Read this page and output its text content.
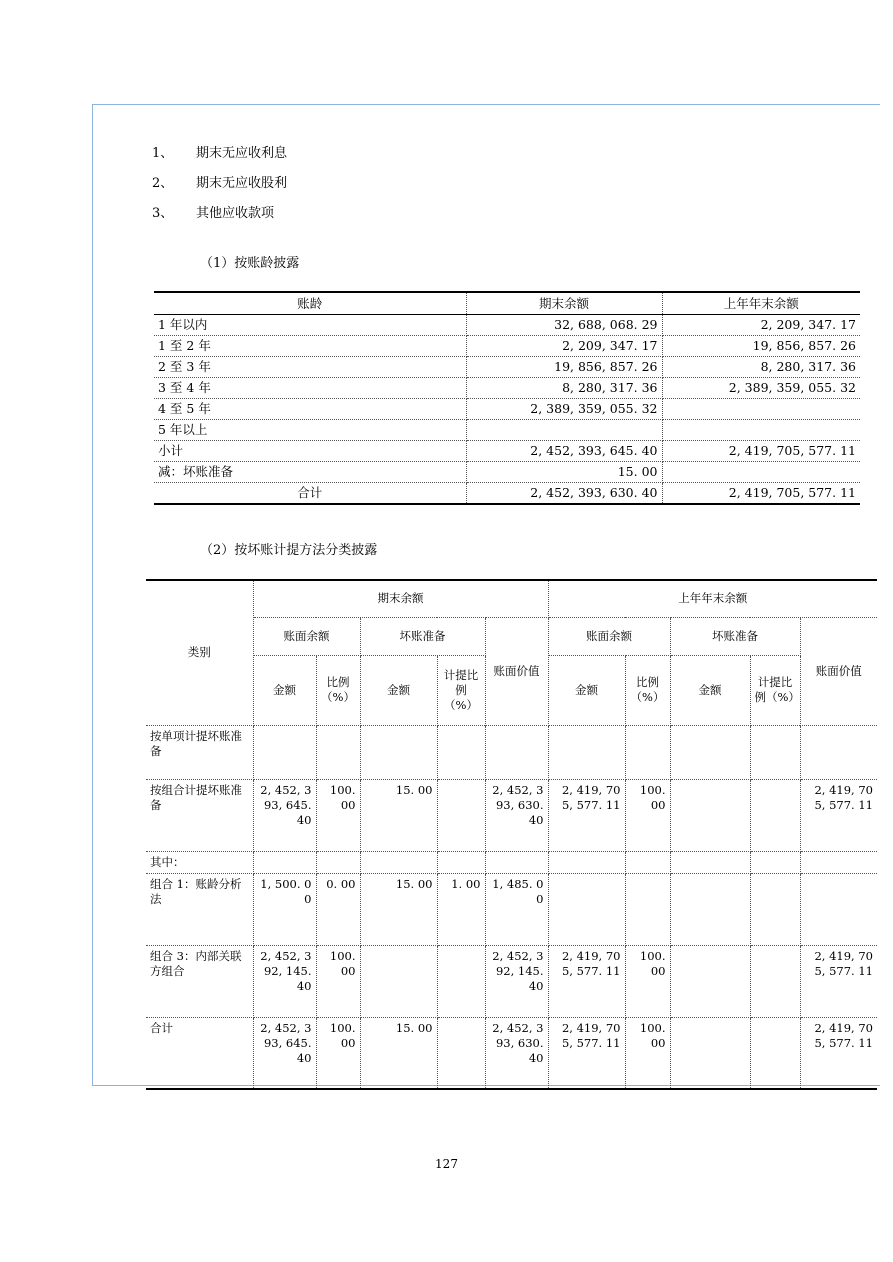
1、 期末无应收利息
2、 期末无应收股利
3、 其他应收款项
（1）按账龄披露
账龄	期末余额	上年年末余额
1 年以内	32, 688, 068. 29	2, 209, 347. 17
1 至 2 年	2, 209, 347. 17	19, 856, 857. 26
2 至 3 年	19, 856, 857. 26	8, 280, 317. 36
3 至 4 年	8, 280, 317. 36	2, 389, 359, 055. 32
4 至 5 年	2, 389, 359, 055. 32	
5 年以上		
小计	2, 452, 393, 645. 40	2, 419, 705, 577. 11
减：坏账准备	15. 00	
合计	2, 452, 393, 630. 40	2, 419, 705, 577. 11
（2）按坏账计提方法分类披露
类别	期末余额					上年年末余额				
	账面余额		坏账准备		账面价值	账面余额		坏账准备		账面价值
	金额	比例（%）	金额	计提比例（%）		金额	比例（%）	金额	计提比例（%）	
按单项计提坏账准备										
按组合计提坏账准备	2, 452, 393, 645. 40	100. 00	15. 00		2, 452, 393, 630. 40	2, 419, 705, 577. 11	100. 00			2, 419, 705, 577. 11
其中：										
组合 1：账龄分析法	1, 500. 00	0. 00	15. 00	1. 00	1, 485. 00					
组合 3：内部关联方组合	2, 452, 392, 145. 40	100. 00			2, 452, 392, 145. 40	2, 419, 705, 577. 11	100. 00			2, 419, 705, 577. 11
合计	2, 452, 393, 645. 40	100. 00	15. 00		2, 452, 393, 630. 40	2, 419, 705, 577. 11	100. 00			2, 419, 705, 577. 11
127
